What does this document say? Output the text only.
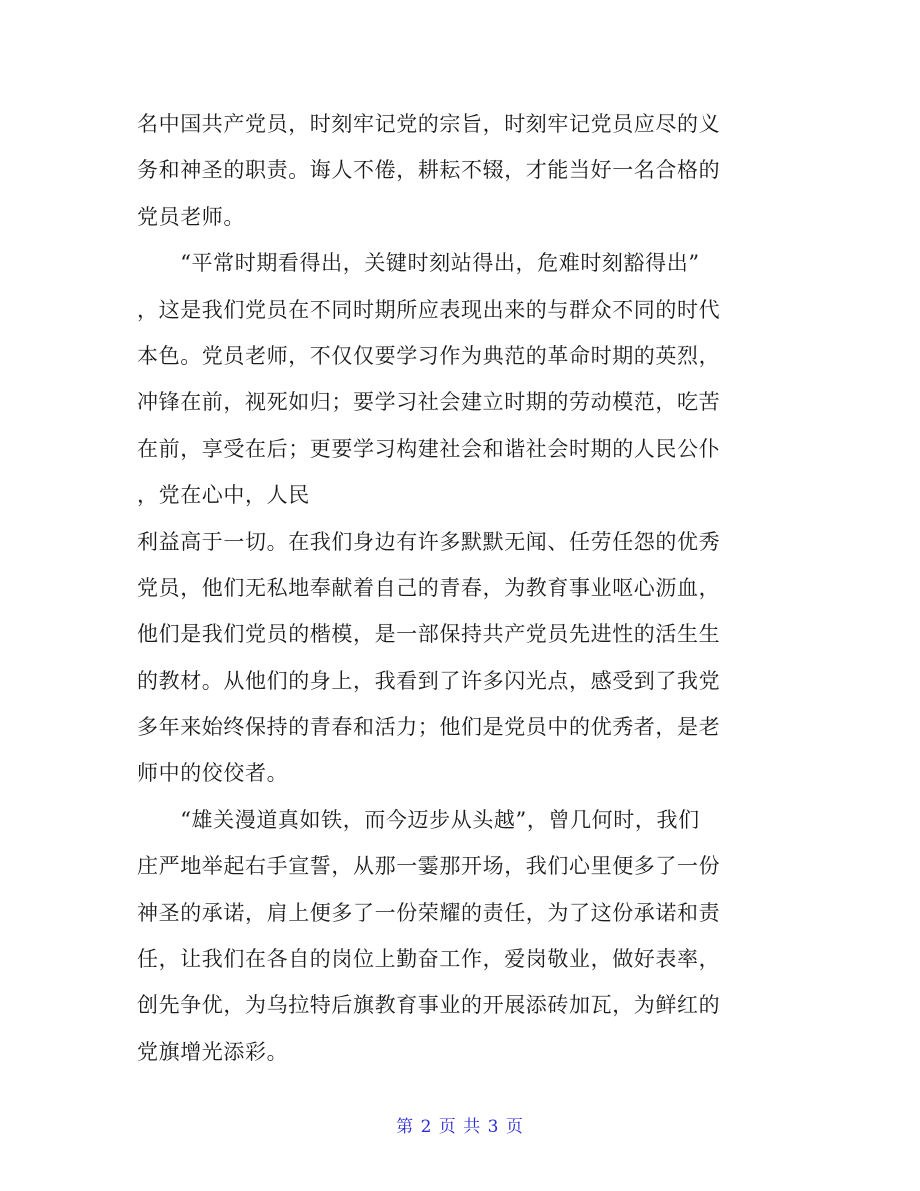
名中国共产党员，时刻牢记党的宗旨，时刻牢记党员应尽的义
务和神圣的职责。诲人不倦，耕耘不辍，才能当好一名合格的
党员老师。
　　“平常时期看得出，关键时刻站得出，危难时刻豁得出”
，这是我们党员在不同时期所应表现出来的与群众不同的时代
本色。党员老师，不仅仅要学习作为典范的革命时期的英烈，
冲锋在前，视死如归；要学习社会建立时期的劳动模范，吃苦
在前，享受在后；更要学习构建社会和谐社会时期的人民公仆
，党在心中，人民
利益高于一切。在我们身边有许多默默无闻、任劳任怨的优秀
党员，他们无私地奉献着自己的青春，为教育事业呕心沥血，
他们是我们党员的楷模，是一部保持共产党员先进性的活生生
的教材。从他们的身上，我看到了许多闪光点，感受到了我党
多年来始终保持的青春和活力；他们是党员中的优秀者，是老
师中的佼佼者。
　　“雄关漫道真如铁，而今迈步从头越”，曾几何时，我们
庄严地举起右手宣誓，从那一霎那开场，我们心里便多了一份
神圣的承诺，肩上便多了一份荣耀的责任，为了这份承诺和责
任，让我们在各自的岗位上勤奋工作，爱岗敬业，做好表率，
创先争优，为乌拉特后旗教育事业的开展添砖加瓦，为鲜红的
党旗增光添彩。
第 2 页 共 3 页
